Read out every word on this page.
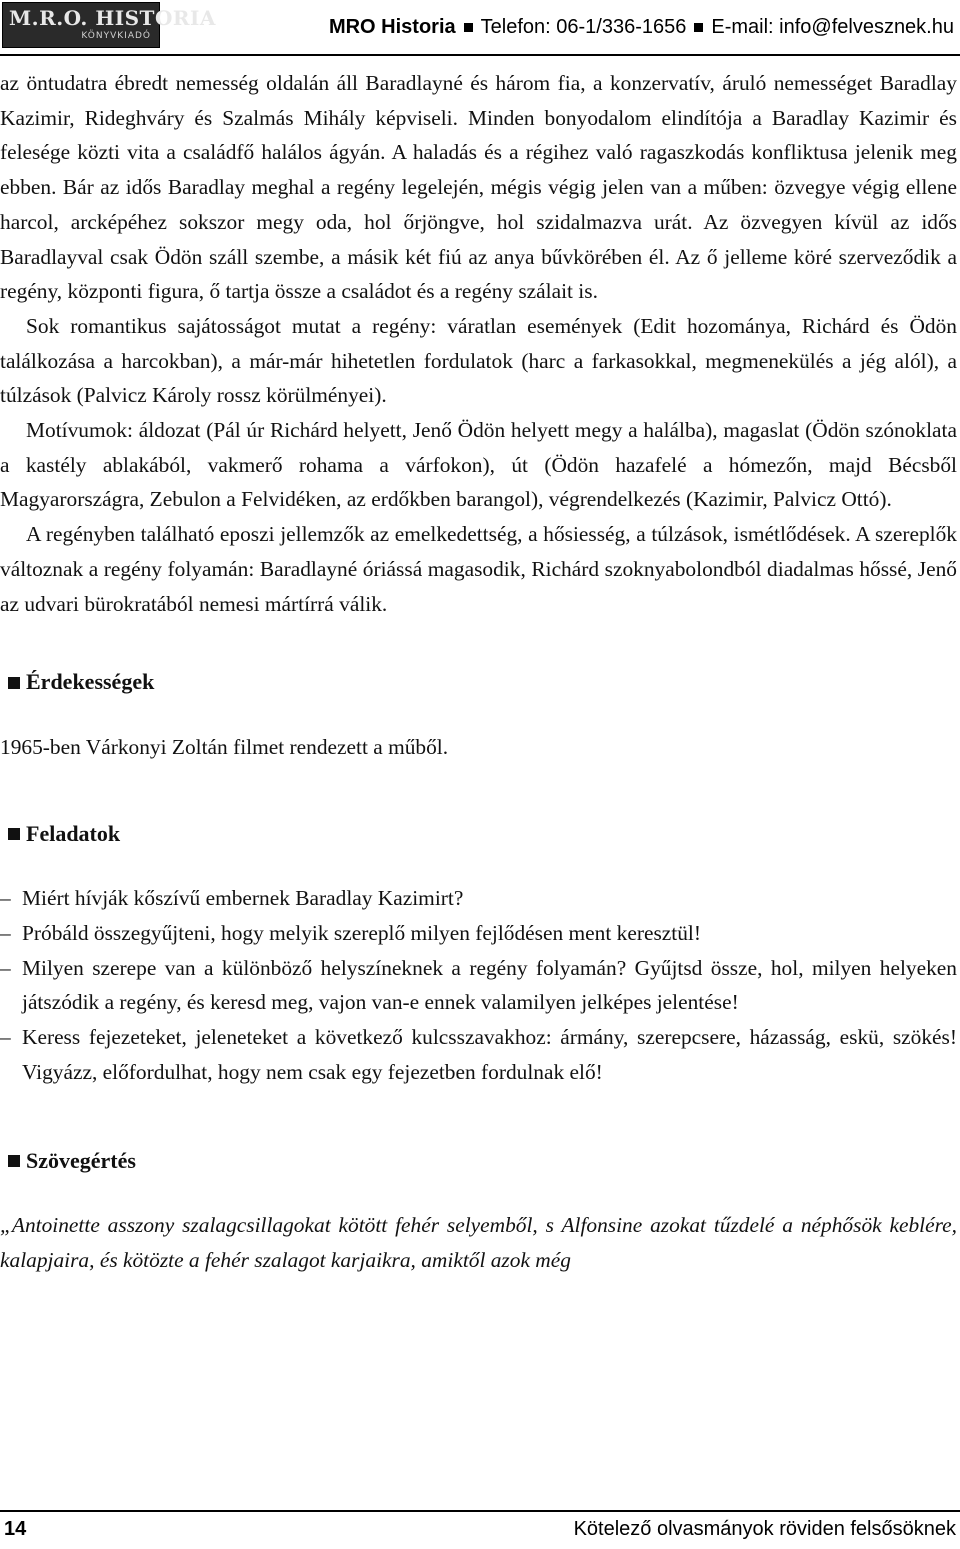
M.R.O. HISTORIA
KÖNYVKIADÓ	MRO Historia Telefon: 06-1/336-1656 E-mail: info@felvesznek.hu

az öntudatra ébredt nemesség oldalán áll Baradlayné és három fia, a konzervatív, áruló nemességet Baradlay Kazimir, Rideghváry és Szalmás Mihály képviseli. Minden bonyodalom elindítója a Baradlay Kazimir és felesége közti vita a családfő halálos ágyán. A haladás és a régihez való ragaszkodás konfliktusa jelenik meg ebben. Bár az idős Baradlay meghal a regény legelején, mégis végig jelen van a műben: özvegye végig ellene harcol, arcképéhez sokszor megy oda, hol őrjöngve, hol szidalmazva urát. Az özvegyen kívül az idős Baradlayval csak Ödön száll szembe, a másik két fiú az anya bűvkörében él. Az ő jelleme köré szerveződik a regény, központi figura, ő tartja össze a családot és a regény szálait is.

Sok romantikus sajátosságot mutat a regény: váratlan események (Edit hozománya, Richárd és Ödön találkozása a harcokban), a már-már hihetetlen fordulatok (harc a farkasokkal, megmenekülés a jég alól), a túlzások (Palvicz Károly rossz körülményei).

Motívumok: áldozat (Pál úr Richárd helyett, Jenő Ödön helyett megy a halálba), magaslat (Ödön szónoklata a kastély ablakából, vakmerő rohama a várfokon), út (Ödön hazafelé a hómezőn, majd Bécsből Magyarországra, Zebulon a Felvidéken, az erdőkben barangol), végrendelkezés (Kazimir, Palvicz Ottó).

A regényben található eposzi jellemzők az emelkedettség, a hősiesség, a túlzások, ismétlődések. A szereplők változnak a regény folyamán: Baradlayné óriássá magasodik, Richárd szoknyabolondból diadalmas hőssé, Jenő az udvari bürokratából nemesi mártírrá válik.

Érdekességek

1965-ben Várkonyi Zoltán filmet rendezett a műből.

Feladatok
– Miért hívják kőszívű embernek Baradlay Kazimirt?
– Próbáld összegyűjteni, hogy melyik szereplő milyen fejlődésen ment keresztül!
– Milyen szerepe van a különböző helyszíneknek a regény folyamán? Gyűjtsd össze, hol, milyen helyeken játszódik a regény, és keresd meg, vajon van-e ennek valamilyen jelképes jelentése!
– Keress fejezeteket, jeleneteket a következő kulcsszavakhoz: ármány, szerepcsere, házasság, eskü, szökés! Vigyázz, előfordulhat, hogy nem csak egy fejezetben fordulnak elő!
Szövegértés

„Antoinette asszony szalagcsillagokat kötött fehér selyemből, s Alfonsine azokat tűzdelé a néphősök keblére, kalapjaira, és kötözte a fehér szalagot karjaikra, amiktől azok még

14	Kötelező olvasmányok röviden felsősöknek
